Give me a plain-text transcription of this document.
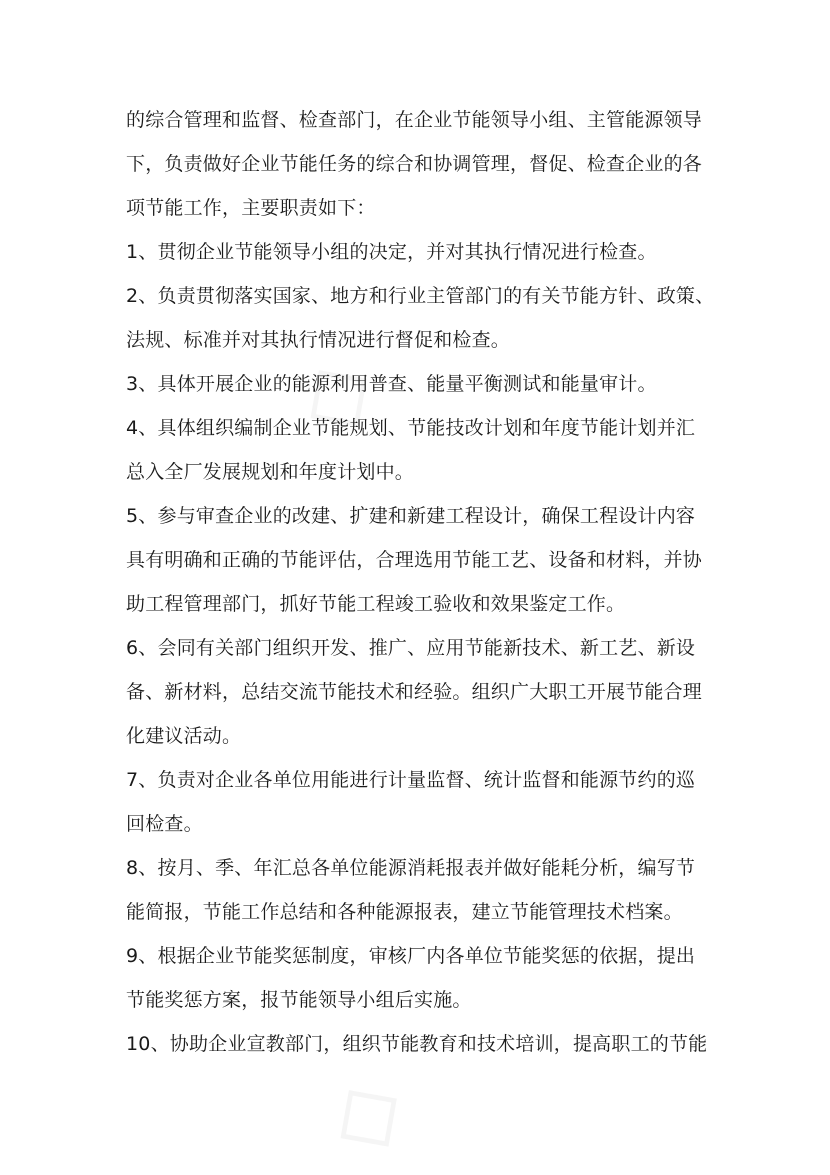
◇
◇
的综合管理和监督、检查部门，在企业节能领导小组、主管能源领导
下，负责做好企业节能任务的综合和协调管理，督促、检查企业的各
项节能工作，主要职责如下：
1、贯彻企业节能领导小组的决定，并对其执行情况进行检查。
2、负责贯彻落实国家、地方和行业主管部门的有关节能方针、政策、
法规、标准并对其执行情况进行督促和检查。
3、具体开展企业的能源利用普查、能量平衡测试和能量审计。
4、具体组织编制企业节能规划、节能技改计划和年度节能计划并汇
总入全厂发展规划和年度计划中。
5、参与审查企业的改建、扩建和新建工程设计，确保工程设计内容
具有明确和正确的节能评估，合理选用节能工艺、设备和材料，并协
助工程管理部门，抓好节能工程竣工验收和效果鉴定工作。
6、会同有关部门组织开发、推广、应用节能新技术、新工艺、新设
备、新材料，总结交流节能技术和经验。组织广大职工开展节能合理
化建议活动。
7、负责对企业各单位用能进行计量监督、统计监督和能源节约的巡
回检查。
8、按月、季、年汇总各单位能源消耗报表并做好能耗分析，编写节
能简报，节能工作总结和各种能源报表，建立节能管理技术档案。
9、根据企业节能奖惩制度，审核厂内各单位节能奖惩的依据，提出
节能奖惩方案，报节能领导小组后实施。
10、协助企业宣教部门，组织节能教育和技术培训，提高职工的节能
